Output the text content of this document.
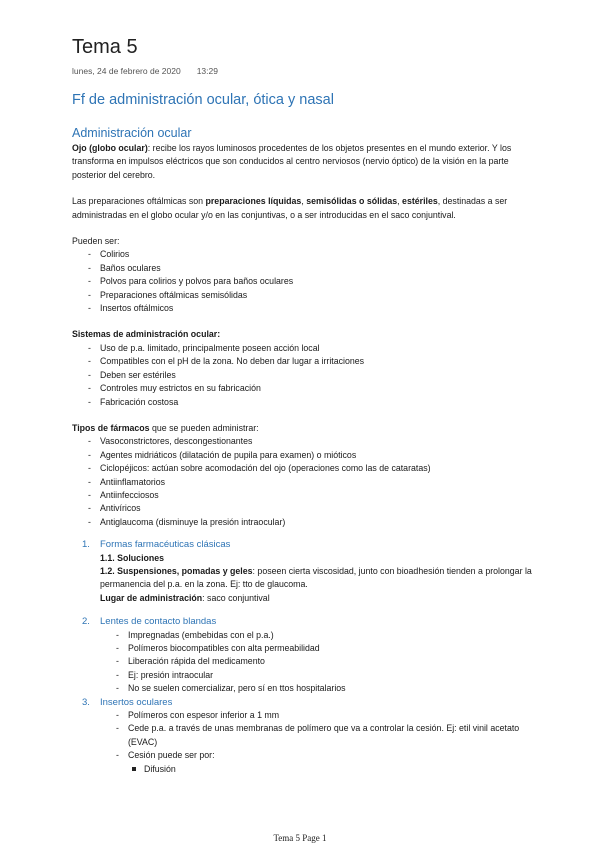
Tema 5
lunes, 24 de febrero de 2020 13:29
Ff de administración ocular, ótica y nasal
Administración ocular

Ojo (globo ocular): recibe los rayos luminosos procedentes de los objetos presentes en el mundo exterior. Y los transforma en impulsos eléctricos que son conducidos al centro nerviosos (nervio óptico) de la visión en la parte posterior del cerebro.

Las preparaciones oftálmicas son preparaciones líquidas, semisólidas o sólidas, estériles, destinadas a ser administradas en el globo ocular y/o en las conjuntivas, o a ser introducidas en el saco conjuntival.

Pueden ser:

- Colirios
- Baños oculares
- Polvos para colirios y polvos para baños oculares
- Preparaciones oftálmicas semisólidas
- Insertos oftálmicos

Sistemas de administración ocular:

- Uso de p.a. limitado, principalmente poseen acción local
- Compatibles con el pH de la zona. No deben dar lugar a irritaciones
- Deben ser estériles
- Controles muy estrictos en su fabricación
- Fabricación costosa

Tipos de fármacos que se pueden administrar:

- Vasoconstrictores, descongestionantes
- Agentes midriáticos (dilatación de pupila para examen) o mióticos
- Ciclopéjicos: actúan sobre acomodación del ojo (operaciones como las de cataratas)
- Antiinflamatorios
- Antiinfecciosos
- Antivíricos
- Antiglaucoma (disminuye la presión intraocular)
1. Formas farmacéuticas clásicas

1.1. Soluciones

1.2. Suspensiones, pomadas y geles: poseen cierta viscosidad, junto con bioadhesión tienden a prolongar la permanencia del p.a. en la zona. Ej: tto de glaucoma.

Lugar de administración: saco conjuntival

2. Lentes de contacto blandas

- Impregnadas (embebidas con el p.a.)
- Polímeros biocompatibles con alta permeabilidad
- Liberación rápida del medicamento
- Ej: presión intraocular
- No se suelen comercializar, pero sí en ttos hospitalarios
3. Insertos oculares

- Polímeros con espesor inferior a 1 mm
- Cede p.a. a través de unas membranas de polímero que va a controlar la cesión. Ej: etil vinil acetato (EVAC)
- Cesión puede ser por:
Difusión
Tema 5 Page 1
